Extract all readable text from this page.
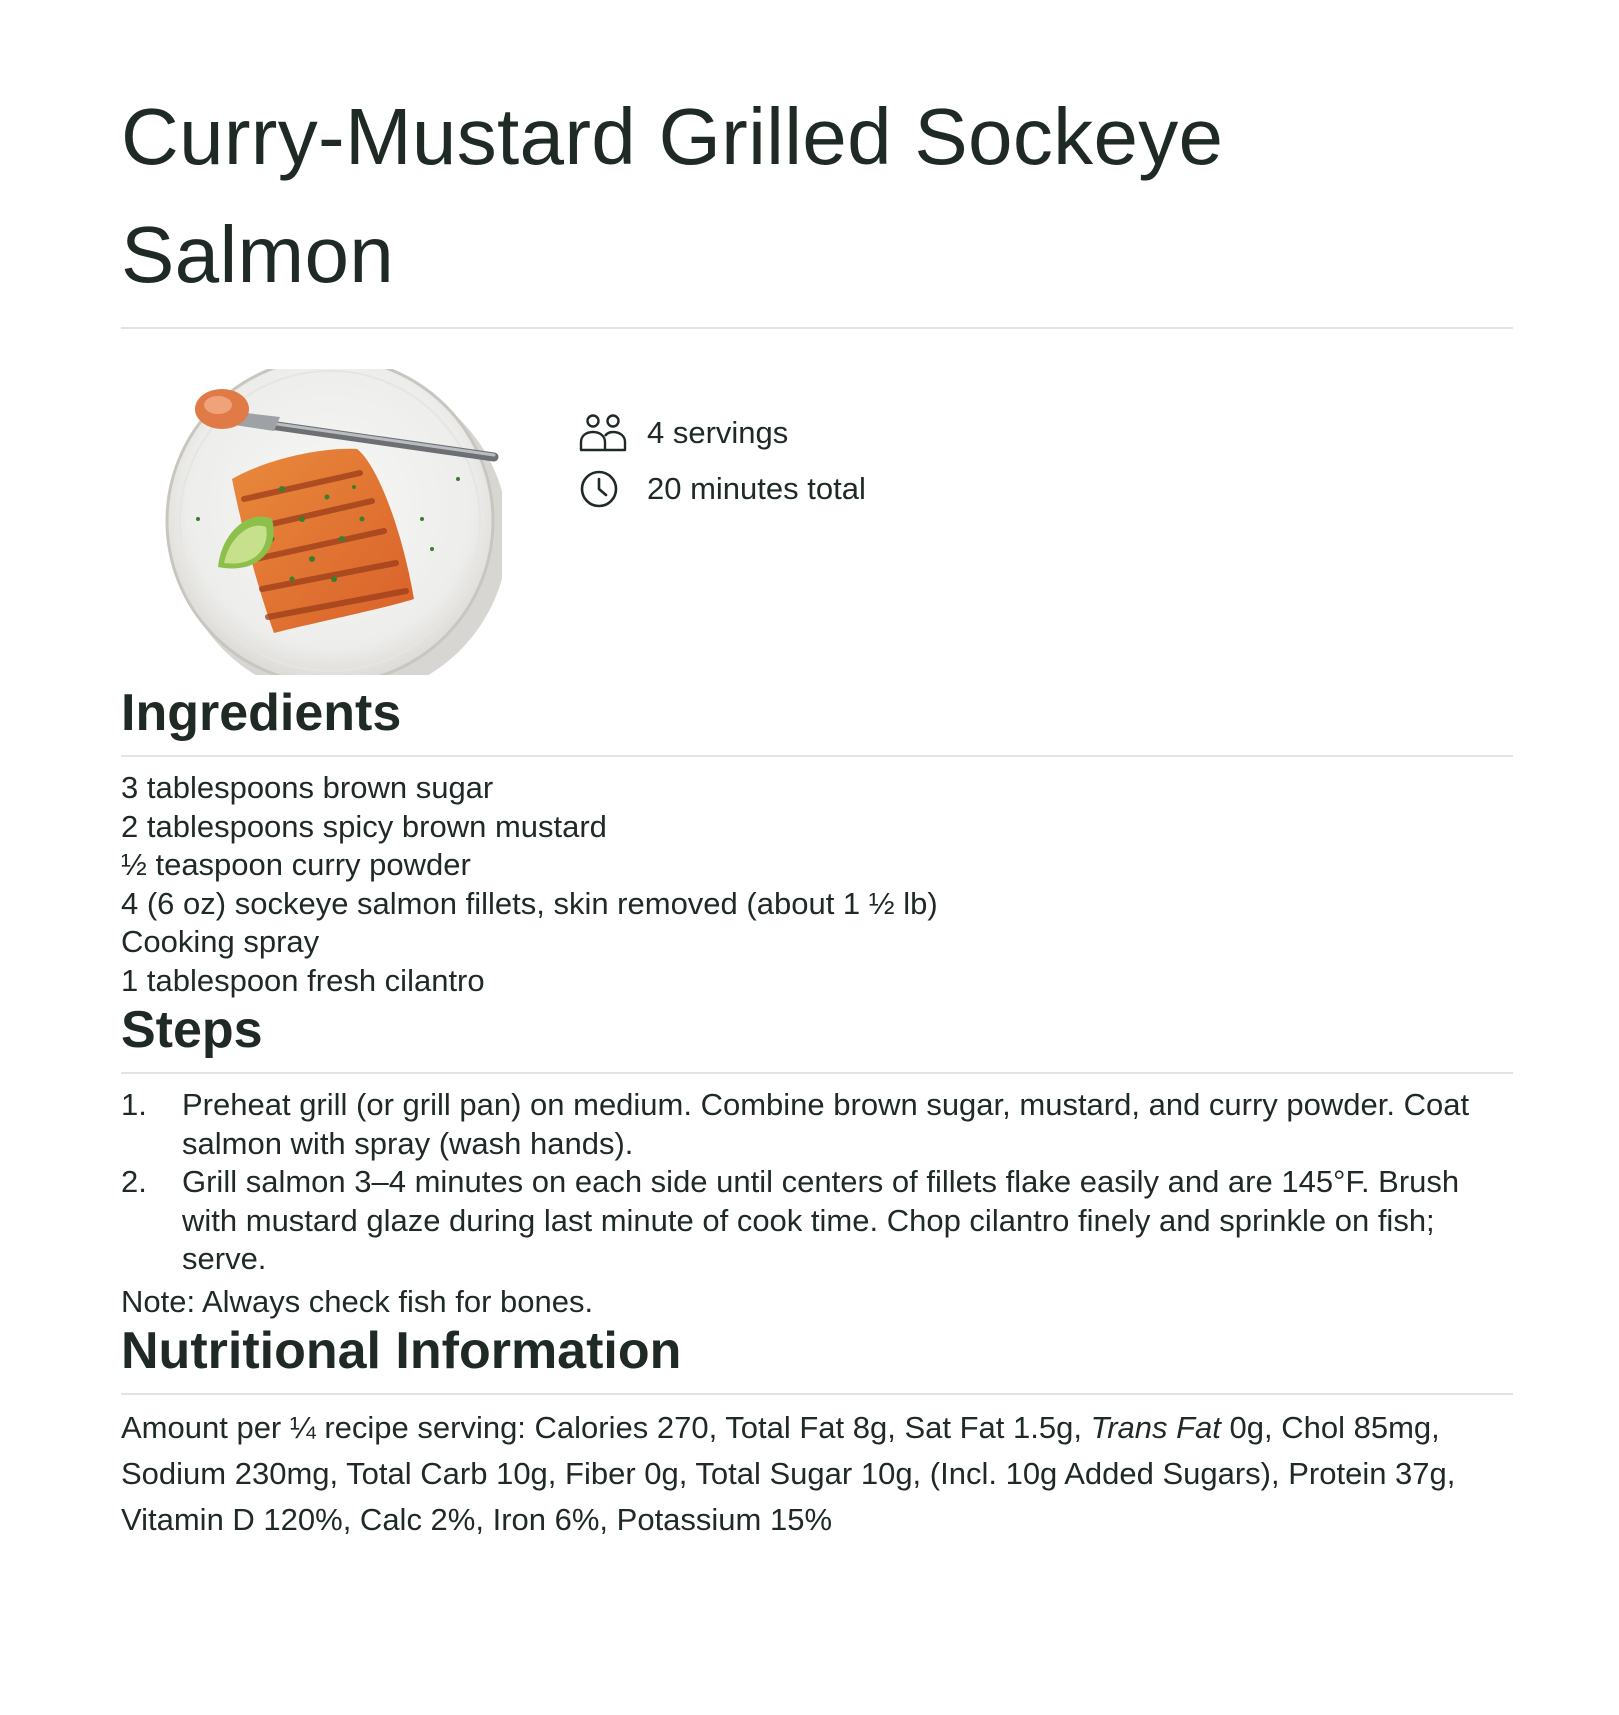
Curry-Mustard Grilled Sockeye Salmon
4 servings
20 minutes total
Ingredients
3 tablespoons brown sugar
2 tablespoons spicy brown mustard
½ teaspoon curry powder
4 (6 oz) sockeye salmon fillets, skin removed (about 1 ½ lb)
Cooking spray
1 tablespoon fresh cilantro
Steps
1. Preheat grill (or grill pan) on medium. Combine brown sugar, mustard, and curry powder. Coat salmon with spray (wash hands).
2. Grill salmon 3–4 minutes on each side until centers of fillets flake easily and are 145°F. Brush with mustard glaze during last minute of cook time. Chop cilantro finely and sprinkle on fish; serve.
Note: Always check fish for bones.
Nutritional Information
Amount per ¼ recipe serving: Calories 270, Total Fat 8g, Sat Fat 1.5g, Trans Fat 0g, Chol 85mg, Sodium 230mg, Total Carb 10g, Fiber 0g, Total Sugar 10g, (Incl. 10g Added Sugars), Protein 37g, Vitamin D 120%, Calc 2%, Iron 6%, Potassium 15%
